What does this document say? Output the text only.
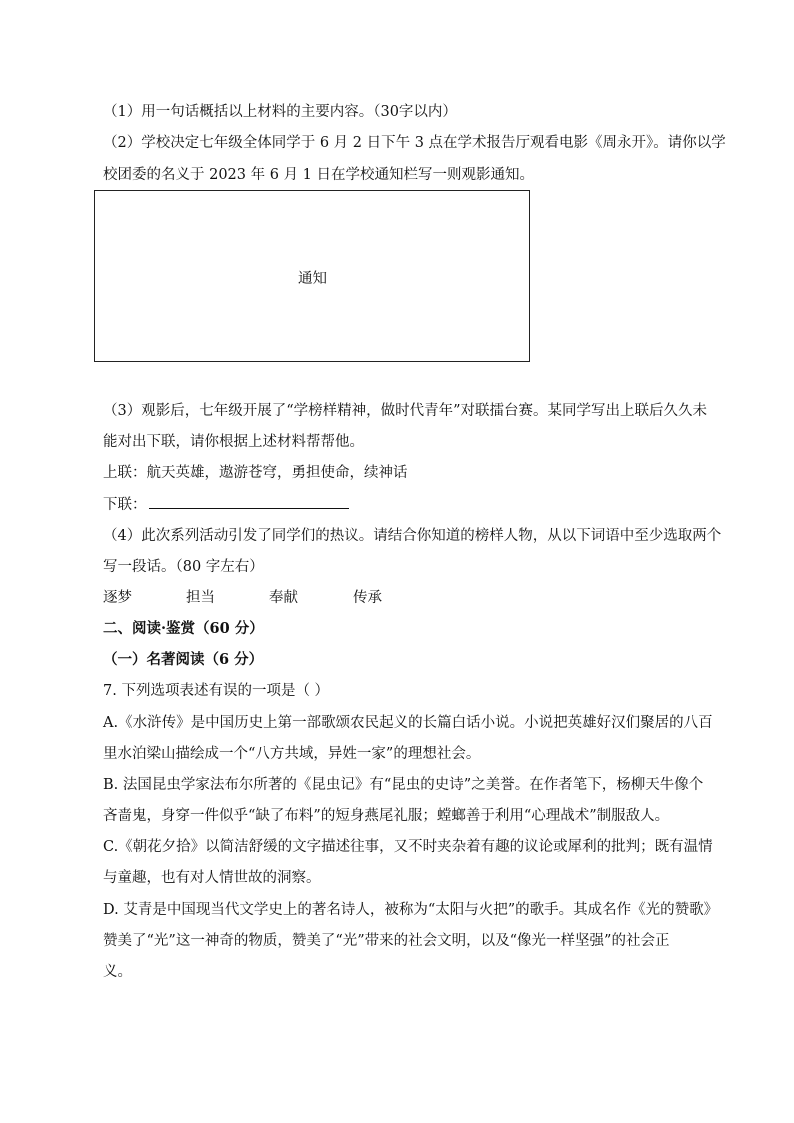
（1）用一句话概括以上材料的主要内容。（30字以内）
（2）学校决定七年级全体同学于 6 月 2 日下午 3 点在学术报告厅观看电影《周永开》。请你以学
校团委的名义于 2023 年 6 月 1 日在学校通知栏写一则观影通知。
通知
（3）观影后，七年级开展了“学榜样精神，做时代青年”对联擂台赛。某同学写出上联后久久未
能对出下联，请你根据上述材料帮帮他。
上联：航天英雄，遨游苍穹，勇担使命，续神话
下联：
（4）此次系列活动引发了同学们的热议。请结合你知道的榜样人物，从以下词语中至少选取两个
写一段话。（80 字左右）
逐梦	担当	奉献	传承
二、阅读·鉴赏（60 分）
（一）名著阅读（6 分）
7. 下列选项表述有误的一项是（ ）
A.《水浒传》是中国历史上第一部歌颂农民起义的长篇白话小说。小说把英雄好汉们聚居的八百
里水泊梁山描绘成一个“八方共域，异姓一家”的理想社会。
B. 法国昆虫学家法布尔所著的《昆虫记》有“昆虫的史诗”之美誉。在作者笔下，杨柳天牛像个
吝啬鬼，身穿一件似乎“缺了布料”的短身燕尾礼服；螳螂善于利用“心理战术”制服敌人。
C.《朝花夕拾》以简洁舒缓的文字描述往事，又不时夹杂着有趣的议论或犀利的批判；既有温情
与童趣，也有对人情世故的洞察。
D. 艾青是中国现当代文学史上的著名诗人，被称为“太阳与火把”的歌手。其成名作《光的赞歌》
赞美了“光”这一神奇的物质，赞美了“光”带来的社会文明，以及“像光一样坚强”的社会正
义。
